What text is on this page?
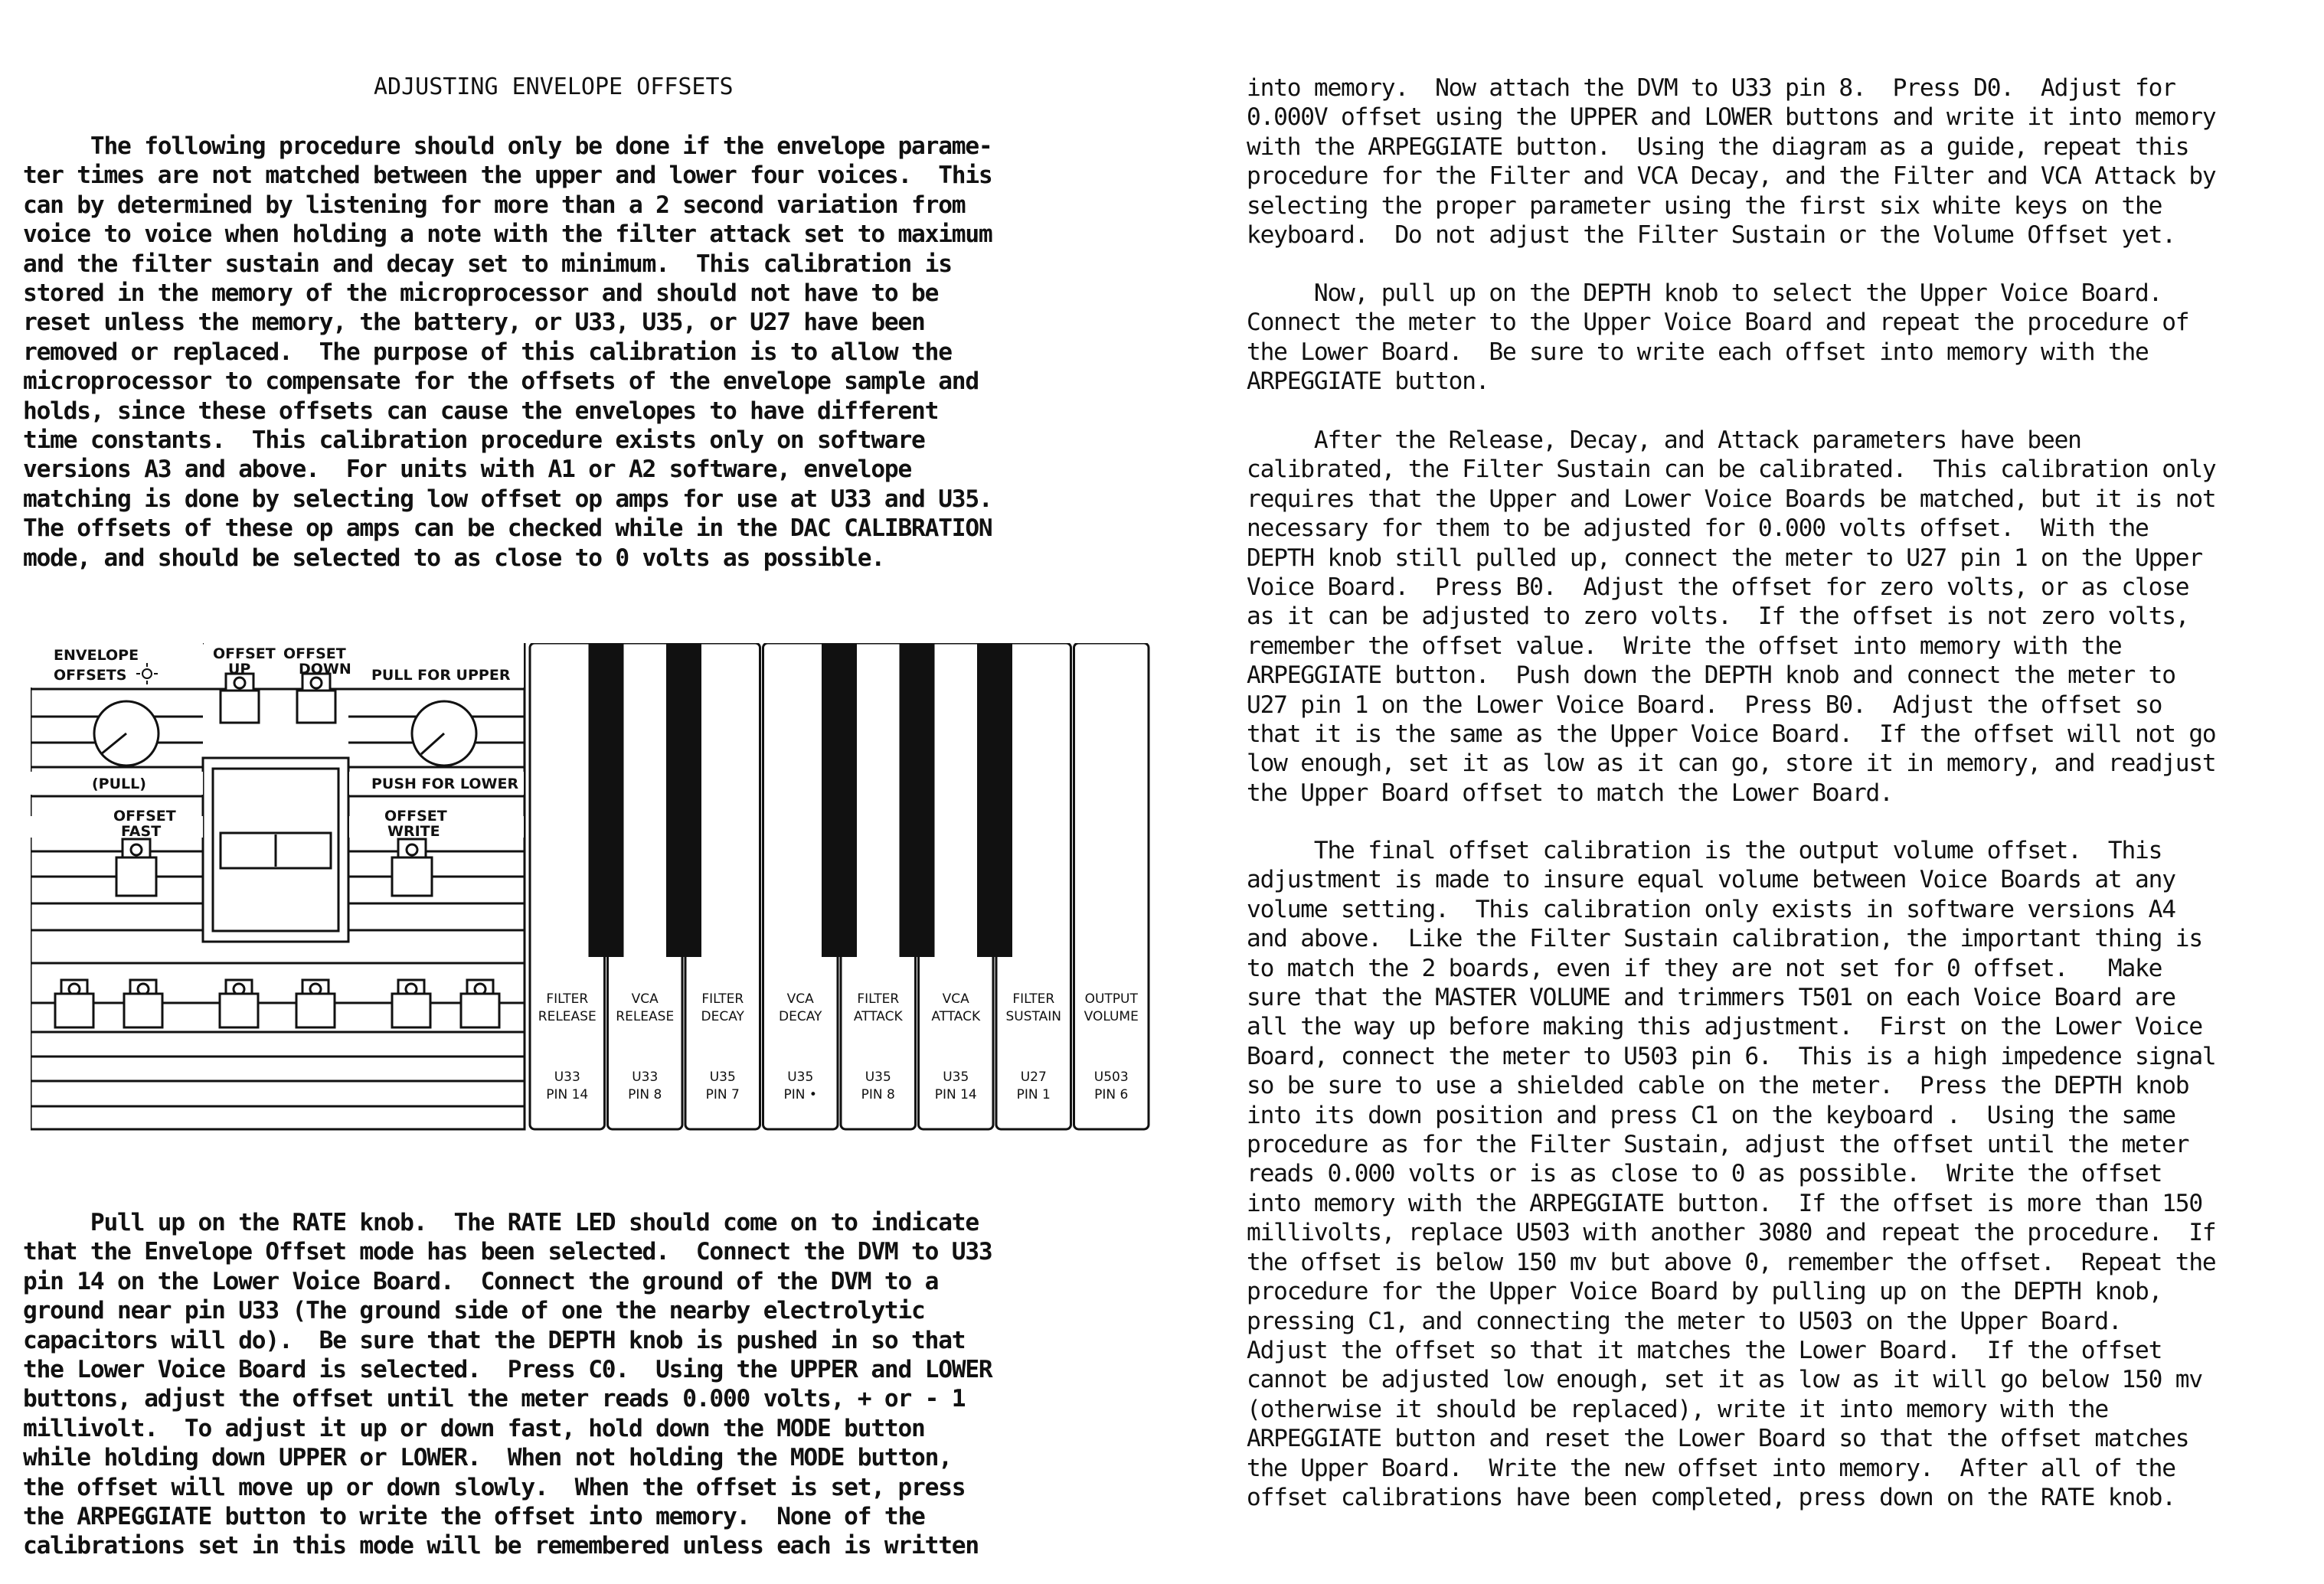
ADJUSTING ENVELOPE OFFSETS
The following procedure should only be done if the envelope parame-
ter times are not matched between the upper and lower four voices.  This
can by determined by listening for more than a 2 second variation from
voice to voice when holding a note with the filter attack set to maximum
and the filter sustain and decay set to minimum.  This calibration is
stored in the memory of the microprocessor and should not have to be
reset unless the memory, the battery, or U33, U35, or U27 have been
removed or replaced.  The purpose of this calibration is to allow the
microprocessor to compensate for the offsets of the envelope sample and
holds, since these offsets can cause the envelopes to have different
time constants.  This calibration procedure exists only on software
versions A3 and above.  For units with A1 or A2 software, envelope
matching is done by selecting low offset op amps for use at U33 and U35.
The offsets of these op amps can be checked while in the DAC CALIBRATION
mode, and should be selected to as close to 0 volts as possible.
ENVELOPE
OFFSETS
OFFSET
UP
OFFSET
DOWN PULL FOR UPPER
(PULL)	PUSH FOR LOWER
OFFSET
FAST
OFFSET
WRITE
FILTER
RELEASE
U33
PIN 14
VCA
RELEASE
U33
PIN 8
FILTER
DECAY
U35
PIN 7
VCA
DECAY
U35
PIN •
FILTER
ATTACK
U35
PIN 8
VCA
ATTACK
U35
PIN 14
FILTER
SUSTAIN
U27
PIN 1
OUTPUT
VOLUME
U503
PIN 6
Pull up on the RATE knob.  The RATE LED should come on to indicate
that the Envelope Offset mode has been selected.  Connect the DVM to U33
pin 14 on the Lower Voice Board.  Connect the ground of the DVM to a
ground near pin U33 (The ground side of one the nearby electrolytic
capacitors will do).  Be sure that the DEPTH knob is pushed in so that
the Lower Voice Board is selected.  Press C0.  Using the UPPER and LOWER
buttons, adjust the offset until the meter reads 0.000 volts, + or - 1
millivolt.  To adjust it up or down fast, hold down the MODE button
while holding down UPPER or LOWER.  When not holding the MODE button,
the offset will move up or down slowly.  When the offset is set, press
the ARPEGGIATE button to write the offset into memory.  None of the
calibrations set in this mode will be remembered unless each is written
into memory.  Now attach the DVM to U33 pin 8.  Press D0.  Adjust for
0.000V offset using the UPPER and LOWER buttons and write it into memory
with the ARPEGGIATE button.  Using the diagram as a guide, repeat this
procedure for the Filter and VCA Decay, and the Filter and VCA Attack by
selecting the proper parameter using the first six white keys on the
keyboard.  Do not adjust the Filter Sustain or the Volume Offset yet.
Now, pull up on the DEPTH knob to select the Upper Voice Board.
Connect the meter to the Upper Voice Board and repeat the procedure of
the Lower Board.  Be sure to write each offset into memory with the
ARPEGGIATE button.
After the Release, Decay, and Attack parameters have been
calibrated, the Filter Sustain can be calibrated.  This calibration only
requires that the Upper and Lower Voice Boards be matched, but it is not
necessary for them to be adjusted for 0.000 volts offset.  With the
DEPTH knob still pulled up, connect the meter to U27 pin 1 on the Upper
Voice Board.  Press B0.  Adjust the offset for zero volts, or as close
as it can be adjusted to zero volts.  If the offset is not zero volts,
remember the offset value.  Write the offset into memory with the
ARPEGGIATE button.  Push down the DEPTH knob and connect the meter to
U27 pin 1 on the Lower Voice Board.  Press B0.  Adjust the offset so
that it is the same as the Upper Voice Board.  If the offset will not go
low enough, set it as low as it can go, store it in memory, and readjust
the Upper Board offset to match the Lower Board.
The final offset calibration is the output volume offset.  This
adjustment is made to insure equal volume between Voice Boards at any
volume setting.  This calibration only exists in software versions A4
and above.  Like the Filter Sustain calibration, the important thing is
to match the 2 boards, even if they are not set for 0 offset.   Make
sure that the MASTER VOLUME and trimmers T501 on each Voice Board are
all the way up before making this adjustment.  First on the Lower Voice
Board, connect the meter to U503 pin 6.  This is a high impedence signal
so be sure to use a shielded cable on the meter.  Press the DEPTH knob
into its down position and press C1 on the keyboard .  Using the same
procedure as for the Filter Sustain, adjust the offset until the meter
reads 0.000 volts or is as close to 0 as possible.  Write the offset
into memory with the ARPEGGIATE button.  If the offset is more than 150
millivolts, replace U503 with another 3080 and repeat the procedure.  If
the offset is below 150 mv but above 0, remember the offset.  Repeat the
procedure for the Upper Voice Board by pulling up on the DEPTH knob,
pressing C1, and connecting the meter to U503 on the Upper Board.
Adjust the offset so that it matches the Lower Board.  If the offset
cannot be adjusted low enough, set it as low as it will go below 150 mv
(otherwise it should be replaced), write it into memory with the
ARPEGGIATE button and reset the Lower Board so that the offset matches
the Upper Board.  Write the new offset into memory.  After all of the
offset calibrations have been completed, press down on the RATE knob.
